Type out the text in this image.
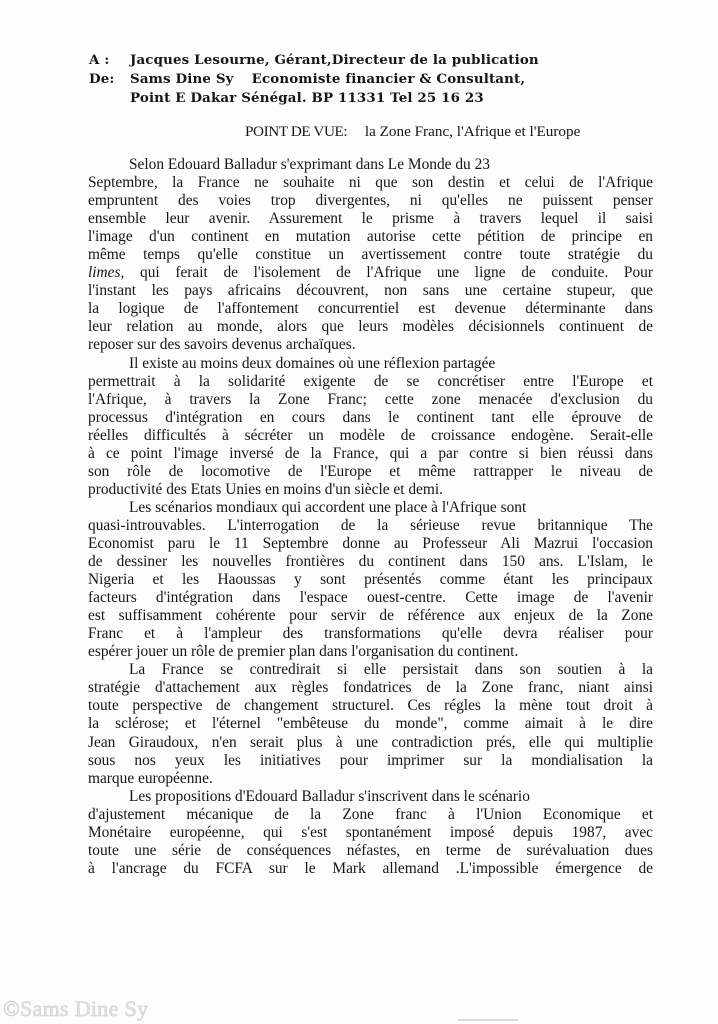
A :	Jacques Lesourne, Gérant,Directeur de la publication
De:	Sams Dine Sy Economiste financier & Consultant,
Point E Dakar Sénégal. BP 11331 Tel 25 16 23
POINT DE VUE: la Zone Franc, l'Afrique et l'Europe
Selon Edouard Balladur s'exprimant dans Le Monde du 23
Septembre, la France ne souhaite ni que son destin et celui de l'Afrique
empruntent des voies trop divergentes, ni qu'elles ne puissent penser
ensemble leur avenir. Assurement le prisme à travers lequel il saisi
l'image d'un continent en mutation autorise cette pétition de principe en
même temps qu'elle constitue un avertissement contre toute stratégie du
limes, qui ferait de l'isolement de l'Afrique une ligne de conduite. Pour
l'instant les pays africains découvrent, non sans une certaine stupeur, que
la logique de l'affontement concurrentiel est devenue déterminante dans
leur relation au monde, alors que leurs modèles décisionnels continuent de
reposer sur des savoirs devenus archaïques.
Il existe au moins deux domaines où une réflexion partagée
permettrait à la solidarité exigente de se concrétiser entre l'Europe et
l'Afrique, à travers la Zone Franc; cette zone menacée d'exclusion du
processus d'intégration en cours dans le continent tant elle éprouve de
réelles difficultés à sécréter un modèle de croissance endogène. Serait-elle
à ce point l'image inversé de la France, qui a par contre si bien réussi dans
son rôle de locomotive de l'Europe et même rattrapper le niveau de
productivité des Etats Unies en moins d'un siècle et demi.
Les scénarios mondiaux qui accordent une place à l'Afrique sont
quasi-introuvables. L'interrogation de la sérieuse revue britannique The
Economist paru le 11 Septembre donne au Professeur Ali Mazrui l'occasion
de dessiner les nouvelles frontières du continent dans 150 ans. L'Islam, le
Nigeria et les Haoussas y sont présentés comme étant les principaux
facteurs d'intégration dans l'espace ouest-centre. Cette image de l'avenir
est suffisamment cohérente pour servir de référence aux enjeux de la Zone
Franc et à l'ampleur des transformations qu'elle devra réaliser pour
espérer jouer un rôle de premier plan dans l'organisation du continent.
La France se contredirait si elle persistait dans son soutien à la
stratégie d'attachement aux règles fondatrices de la Zone franc, niant ainsi
toute perspective de changement structurel. Ces régles la mène tout droit à
la sclérose; et l'éternel "embêteuse du monde", comme aimait à le dire
Jean Giraudoux, n'en serait plus à une contradiction prés, elle qui multiplie
sous nos yeux les initiatives pour imprimer sur la mondialisation la
marque européenne.
Les propositions d'Edouard Balladur s'inscrivent dans le scénario
d'ajustement mécanique de la Zone franc à l'Union Economique et
Monétaire européenne, qui s'est spontanément imposé depuis 1987, avec
toute une série de conséquences néfastes, en terme de surévaluation dues
à l'ancrage du FCFA sur le Mark allemand .L'impossible émergence de
©Sams Dine Sy
